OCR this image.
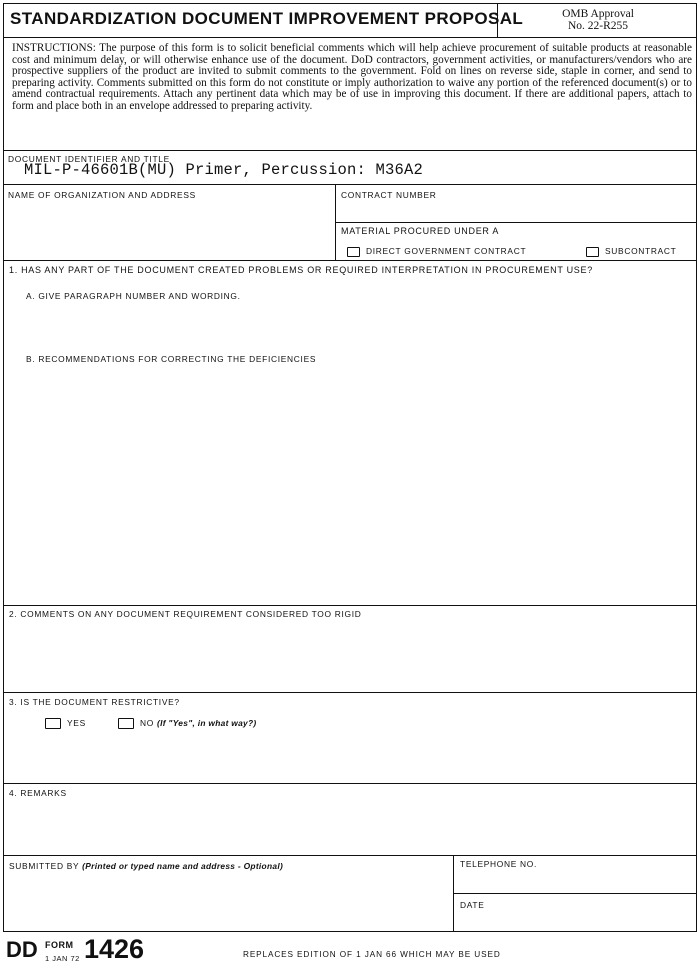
STANDARDIZATION DOCUMENT IMPROVEMENT PROPOSAL	OMB Approval
No. 22-R255
INSTRUCTIONS: The purpose of this form is to solicit beneficial comments which will help achieve procurement of suitable products at reasonable cost and minimum delay, or will otherwise enhance use of the document. DoD contractors, government activities, or manufacturers/vendors who are prospective suppliers of the product are invited to submit comments to the government. Fold on lines on reverse side, staple in corner, and send to preparing activity. Comments submitted on this form do not constitute or imply authorization to waive any portion of the referenced document(s) or to amend contractual requirements. Attach any pertinent data which may be of use in improving this document. If there are additional papers, attach to form and place both in an envelope addressed to preparing activity.
DOCUMENT IDENTIFIER AND TITLE
MIL-P-46601B(MU) Primer, Percussion: M36A2
NAME OF ORGANIZATION AND ADDRESS	CONTRACT NUMBER
MATERIAL PROCURED UNDER A
DIRECT GOVERNMENT CONTRACT	SUBCONTRACT
1. HAS ANY PART OF THE DOCUMENT CREATED PROBLEMS OR REQUIRED INTERPRETATION IN PROCUREMENT USE?
A. GIVE PARAGRAPH NUMBER AND WORDING.
B. RECOMMENDATIONS FOR CORRECTING THE DEFICIENCIES
2. COMMENTS ON ANY DOCUMENT REQUIREMENT CONSIDERED TOO RIGID
3. IS THE DOCUMENT RESTRICTIVE?
YES	NO (If "Yes", in what way?)
4. REMARKS
SUBMITTED BY (Printed or typed name and address - Optional)	TELEPHONE NO.
DATE
DD FORM
1 JAN 72 1426	REPLACES EDITION OF 1 JAN 66 WHICH MAY BE USED
